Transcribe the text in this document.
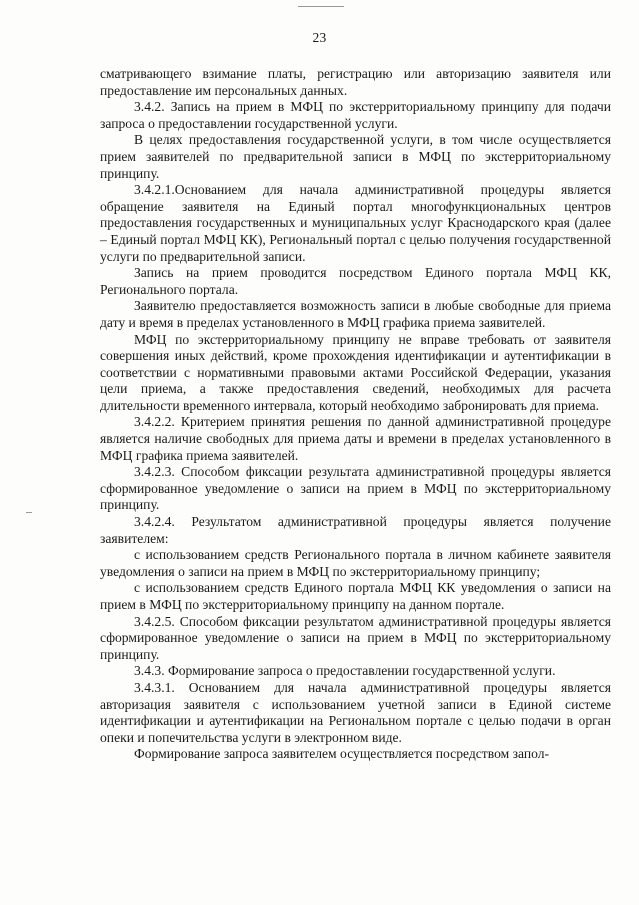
23

сматривающего взимание платы, регистрацию или авторизацию заявителя или предоставление им персональных данных.

3.4.2. Запись на прием в МФЦ по экстерриториальному принципу для подачи запроса о предоставлении государственной услуги.

В целях предоставления государственной услуги, в том числе осуществляется прием заявителей по предварительной записи в МФЦ по экстерриториальному принципу.

3.4.2.1.Основанием для начала административной процедуры является обращение заявителя на Единый портал многофункциональных центров предоставления государственных и муниципальных услуг Краснодарского края (далее – Единый портал МФЦ КК), Региональный портал с целью получения государственной услуги по предварительной записи.

Запись на прием проводится посредством Единого портала МФЦ КК, Регионального портала.

Заявителю предоставляется возможность записи в любые свободные для приема дату и время в пределах установленного в МФЦ графика приема заявителей.

МФЦ по экстерриториальному принципу не вправе требовать от заявителя совершения иных действий, кроме прохождения идентификации и аутентификации в соответствии с нормативными правовыми актами Российской Федерации, указания цели приема, а также предоставления сведений, необходимых для расчета длительности временного интервала, который необходимо забронировать для приема.

3.4.2.2. Критерием принятия решения по данной административной процедуре является наличие свободных для приема даты и времени в пределах установленного в МФЦ графика приема заявителей.

3.4.2.3. Способом фиксации результата административной процедуры является сформированное уведомление о записи на прием в МФЦ по экстерриториальному принципу.

3.4.2.4. Результатом административной процедуры является получение заявителем:

с использованием средств Регионального портала в личном кабинете заявителя уведомления о записи на прием в МФЦ по экстерриториальному принципу;

с использованием средств Единого портала МФЦ КК уведомления о записи на прием в МФЦ по экстерриториальному принципу на данном портале.

3.4.2.5. Способом фиксации результатом административной процедуры является сформированное уведомление о записи на прием в МФЦ по экстерриториальному принципу.

3.4.3. Формирование запроса о предоставлении государственной услуги.

3.4.3.1. Основанием для начала административной процедуры является авторизация заявителя с использованием учетной записи в Единой системе идентификации и аутентификации на Региональном портале с целью подачи в орган опеки и попечительства услуги в электронном виде.

Формирование запроса заявителем осуществляется посредством запол-
